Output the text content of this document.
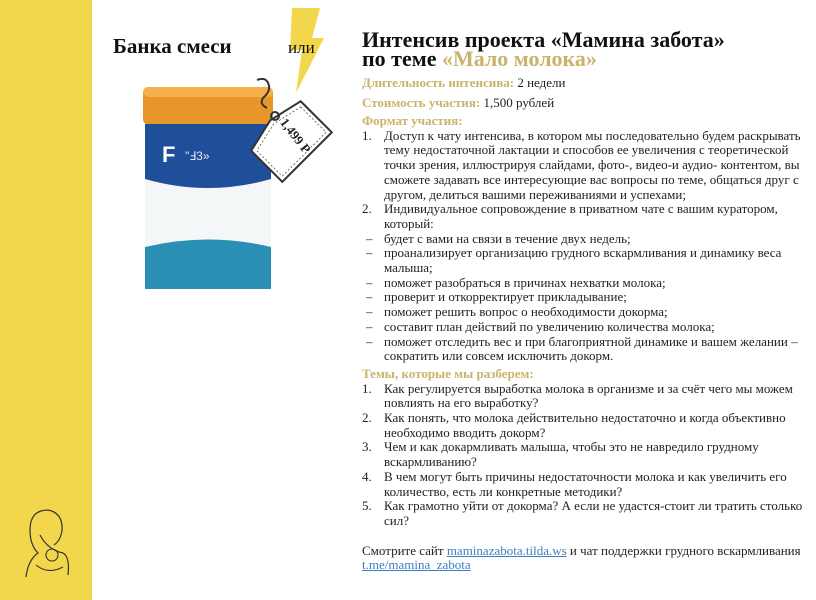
Банка смеси	или
F "Ⅎ3»	1,499 Р
Интенсив проекта «Мамина забота»
по теме «Мало молока»
Длительность интенсива: 2 недели
Стоимость участия: 1,500 рублей
Формат участия:
1. Доступ к чату интенсива, в котором мы последовательно будем раскрывать тему недостаточной лактации и способов ее увеличения с теоретической точки зрения, иллюстрируя слайдами, фото-, видео-и аудио- контентом, вы сможете задавать все интересующие вас вопросы по теме, общаться друг с другом, делиться вашими переживаниями и успехами;
2. Индивидуальное сопровождение в приватном чате с вашим куратором, который:
– будет с вами на связи в течение двух недель;
– проанализирует организацию грудного вскармливания и динамику веса малыша;
– поможет разобраться в причинах нехватки молока;
– проверит и откорректирует прикладывание;
– поможет решить вопрос о необходимости докорма;
– составит план действий по увеличению количества молока;
– поможет отследить вес и при благоприятной динамике и вашем желании – сократить или совсем исключить докорм.
Темы, которые мы разберем:
1. Как регулируется выработка молока в организме и за счёт чего мы можем повлиять на его выработку?
2. Как понять, что молока действительно недостаточно и когда объективно необходимо вводить докорм?
3. Чем и как докармливать малыша, чтобы это не навредило грудному вскармливанию?
4. В чем могут быть причины недостаточности молока и как увеличить его количество, есть ли конкретные методики?
5. Как грамотно уйти от докорма? А если не удастся-стоит ли тратить столько сил?
Смотрите сайт maminazabota.tilda.ws и чат поддержки грудного вскармливания t.me/mamina_zabota
